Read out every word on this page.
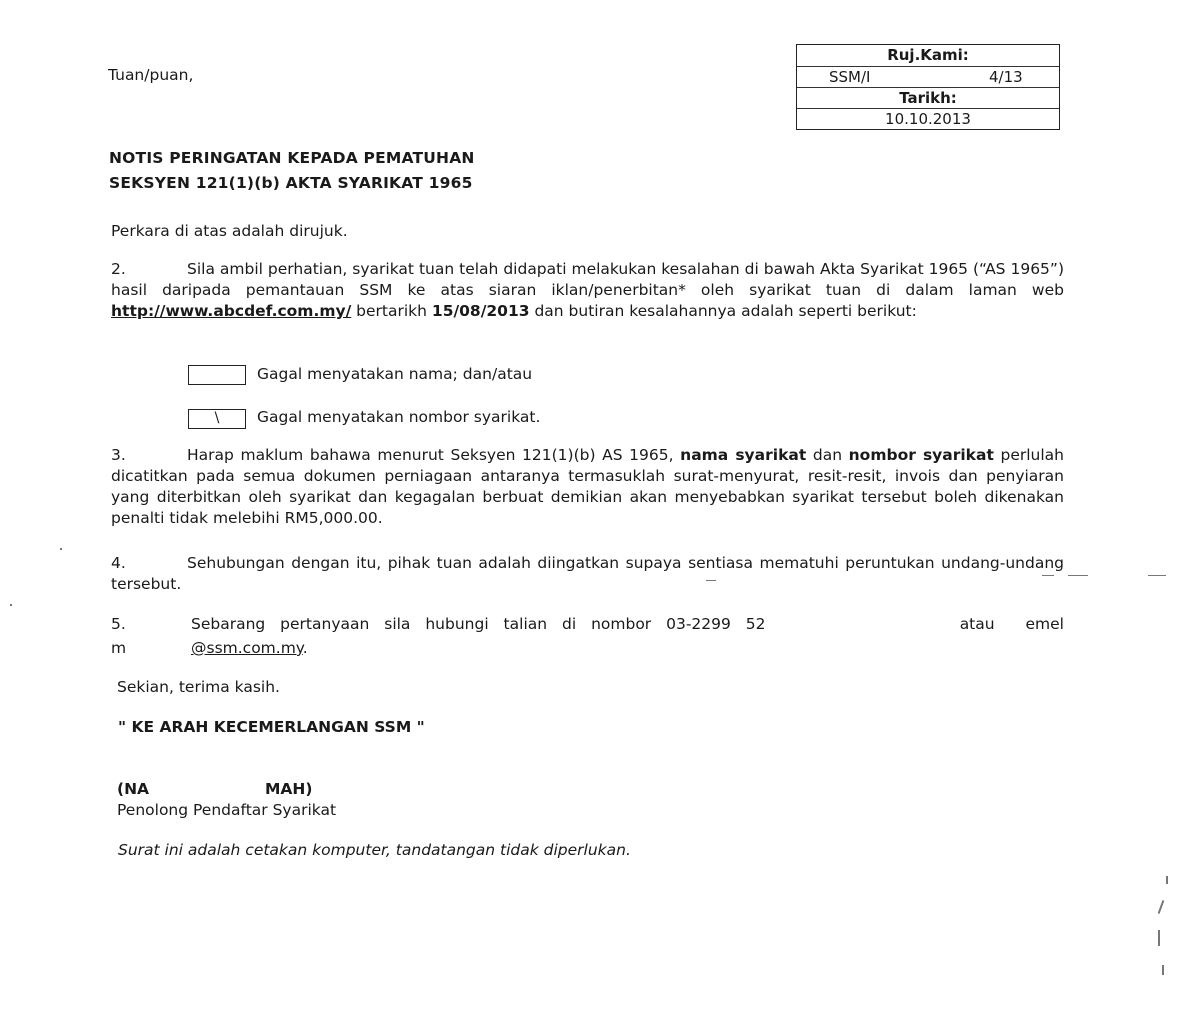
Ruj.Kami:
SSM/I	4/13
Tarikh:
10.10.2013
Tuan/puan,
NOTIS PERINGATAN KEPADA PEMATUHAN
SEKSYEN 121(1)(b) AKTA SYARIKAT 1965
Perkara di atas adalah dirujuk.

2.	Sila ambil perhatian, syarikat tuan telah didapati melakukan kesalahan di bawah Akta Syarikat 1965 (“AS 1965”) hasil daripada pemantauan SSM ke atas siaran iklan/penerbitan* oleh syarikat tuan di dalam laman web http://www.abcdef.com.my/ bertarikh 15/08/2013 dan butiran kesalahannya adalah seperti berikut:

Gagal menyatakan nama; dan/atau
\	Gagal menyatakan nombor syarikat.

3.	Harap maklum bahawa menurut Seksyen 121(1)(b) AS 1965, nama syarikat dan nombor syarikat perlulah dicatitkan pada semua dokumen perniagaan antaranya termasuklah surat-menyurat, resit-resit, invois dan penyiaran yang diterbitkan oleh syarikat dan kegagalan berbuat demikian akan menyebabkan syarikat tersebut boleh dikenakan penalti tidak melebihi RM5,000.00.

4.	Sehubungan dengan itu, pihak tuan adalah diingatkan supaya sentiasa mematuhi peruntukan undang-undang tersebut.

5.	Sebarang pertanyaan sila hubungi talian di nombor 03-2299 52	atau emel
m	@ssm.com.my.
Sekian, terima kasih.
" KE ARAH KECEMERLANGAN SSM "
(NA	MAH)
Penolong Pendaftar Syarikat
Surat ini adalah cetakan komputer, tandatangan tidak diperlukan.
